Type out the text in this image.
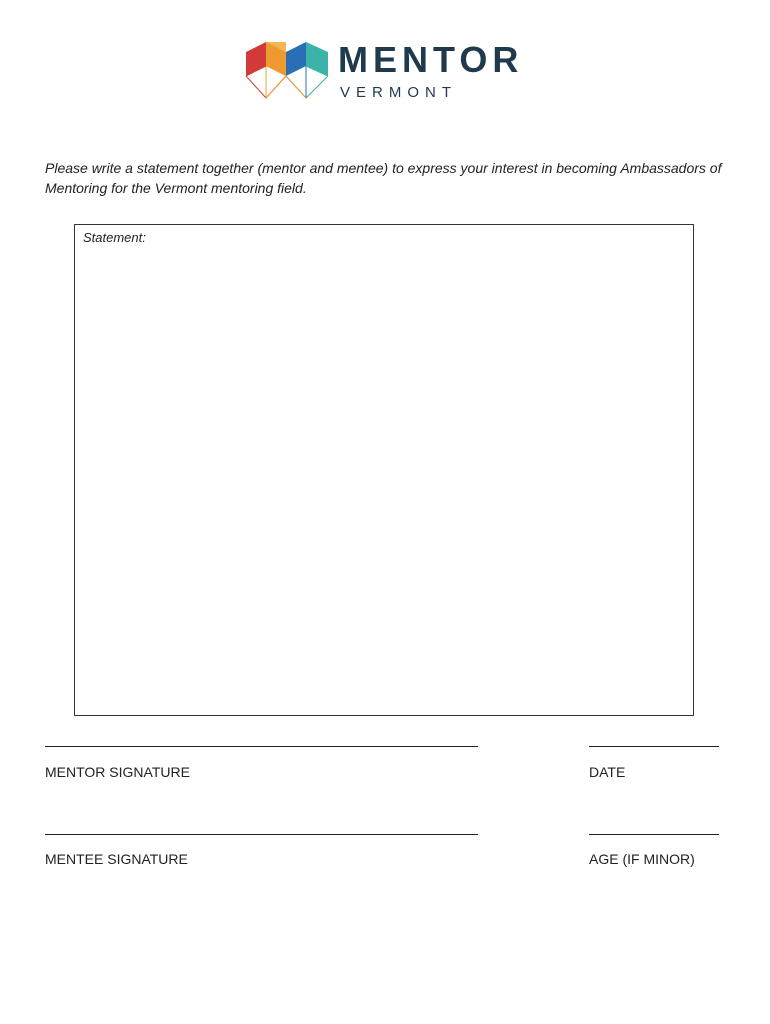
MENTOR
VERMONT
Please write a statement together (mentor and mentee) to express your interest in becoming Ambassadors of Mentoring for the Vermont mentoring field.
Statement:
MENTOR SIGNATURE	DATE
MENTEE SIGNATURE	AGE (IF MINOR)
